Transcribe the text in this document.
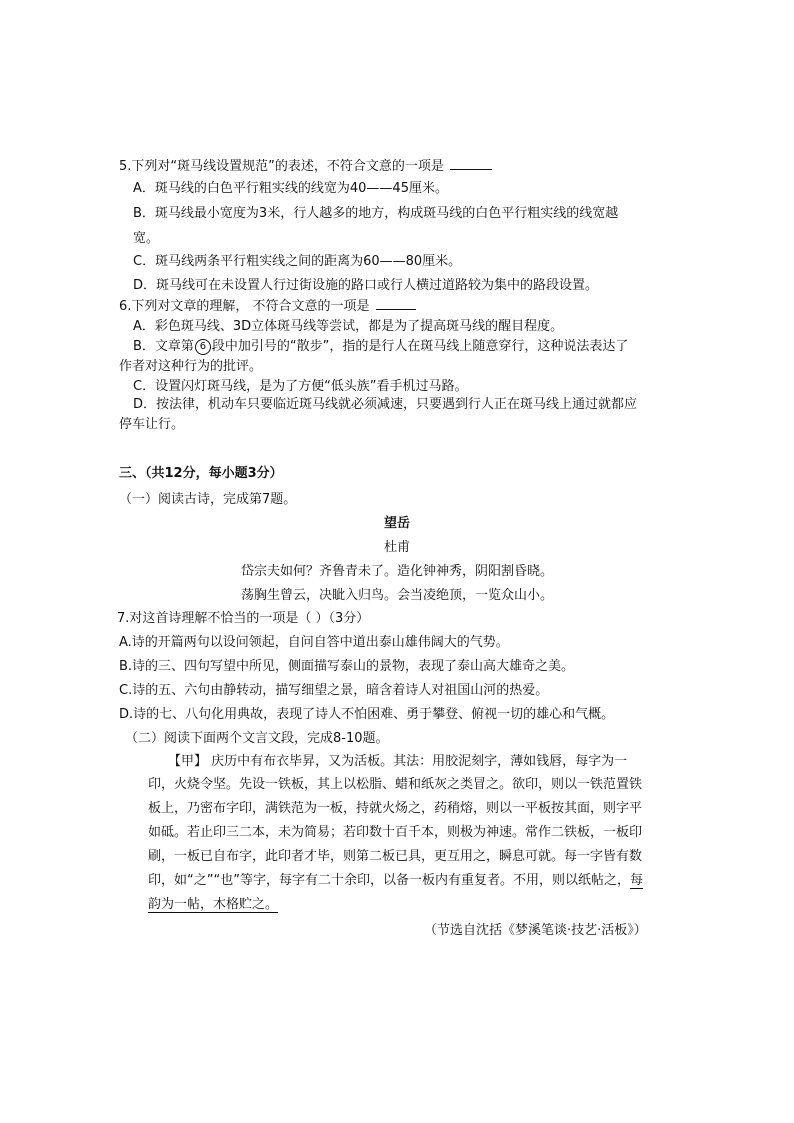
5.下列对“斑马线设置规范”的表述，不符合文意的一项是
A．斑马线的白色平行粗实线的线宽为40——45厘米。
B．斑马线最小宽度为3米，行人越多的地方，构成斑马线的白色平行粗实线的线宽越
宽。
C．斑马线两条平行粗实线之间的距离为60——80厘米。
D．斑马线可在未设置人行过街设施的路口或行人横过道路较为集中的路段设置。
6.下列对文章的理解， 不符合文意的一项是
A．彩色斑马线、3D立体斑马线等尝试，都是为了提高斑马线的醒目程度。
B．文章第 6 段中加引号的“散步”，指的是行人在斑马线上随意穿行，这种说法表达了
作者对这种行为的批评。
C．设置闪灯斑马线，是为了方便“低头族”看手机过马路。
D．按法律，机动车只要临近斑马线就必须减速，只要遇到行人正在斑马线上通过就都应
停车让行。
三、（共12分，每小题3分）
（一）阅读古诗，完成第7题。
望岳
杜甫
岱宗夫如何？齐鲁青未了。造化钟神秀，阴阳割昏晓。
荡胸生曾云，决眦入归鸟。会当凌绝顶，一览众山小。
7.对这首诗理解不恰当的一项是（ ）（3分）
A.诗的开篇两句以设问领起，自问自答中道出泰山雄伟阔大的气势。
B.诗的三、四句写望中所见，侧面描写泰山的景物，表现了泰山高大雄奇之美。
C.诗的五、六句由静转动，描写细望之景，暗含着诗人对祖国山河的热爱。
D.诗的七、八句化用典故，表现了诗人不怕困难、勇于攀登、俯视一切的雄心和气概。
（二）阅读下面两个文言文段，完成8-10题。
【甲】 庆历中有布衣毕昇，又为活板。其法：用胶泥刻字，薄如钱唇，每字为一
印，火烧令坚。先设一铁板，其上以松脂、蜡和纸灰之类冒之。欲印，则以一铁范置铁
板上，乃密布字印，满铁范为一板，持就火炀之，药稍熔，则以一平板按其面，则字平
如砥。若止印三二本，未为简易；若印数十百千本，则极为神速。常作二铁板，一板印
刷，一板已自布字，此印者才毕，则第二板已具，更互用之，瞬息可就。每一字皆有数
印，如“之”“也”等字，每字有二十余印，以备一板内有重复者。不用，则以纸帖之，每
韵为一帖，木格贮之。
（节选自沈括《梦溪笔谈·技艺·活板》）
